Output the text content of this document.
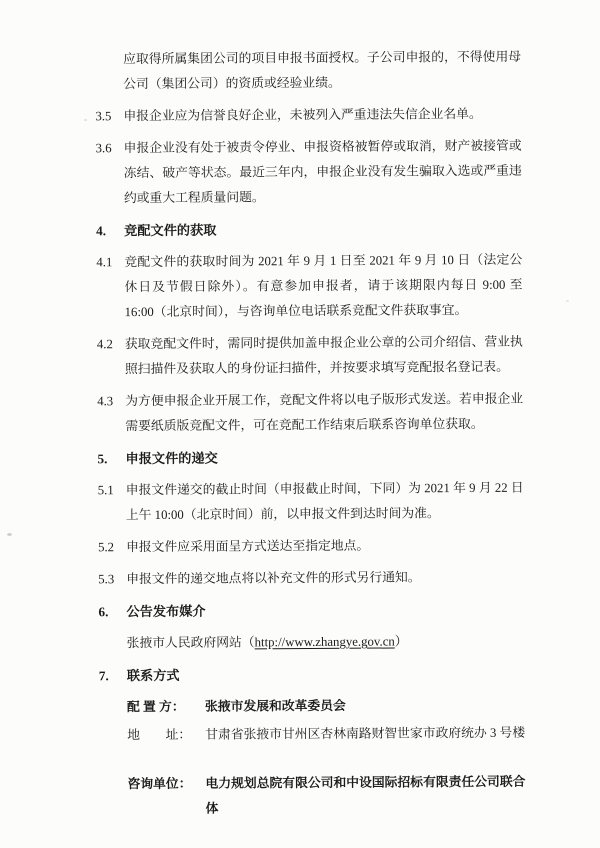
应取得所属集团公司的项目申报书面授权。子公司申报的，不得使用母公司（集团公司）的资质或经验业绩。
3.5 申报企业应为信誉良好企业，未被列入严重违法失信企业名单。
3.6 申报企业没有处于被责令停业、申报资格被暂停或取消，财产被接管或冻结、破产等状态。最近三年内，申报企业没有发生骗取入选或严重违约或重大工程质量问题。
4.	竞配文件的获取
4.1 竞配文件的获取时间为 2021 年 9 月 1 日至 2021 年 9 月 10 日（法定公休日及节假日除外）。有意参加申报者，请于该期限内每日 9:00 至 16:00（北京时间），与咨询单位电话联系竞配文件获取事宜。
4.2 获取竞配文件时，需同时提供加盖申报企业公章的公司介绍信、营业执照扫描件及获取人的身份证扫描件，并按要求填写竞配报名登记表。
4.3 为方便申报企业开展工作，竞配文件将以电子版形式发送。若申报企业需要纸质版竞配文件，可在竞配工作结束后联系咨询单位获取。
5.	申报文件的递交
5.1 申报文件递交的截止时间（申报截止时间，下同）为 2021 年 9 月 22 日上午 10:00（北京时间）前，以申报文件到达时间为准。
5.2 申报文件应采用面呈方式送达至指定地点。
5.3 申报文件的递交地点将以补充文件的形式另行通知。
6.	公告发布媒介
张掖市人民政府网站（http://www.zhangye.gov.cn）
7.	联系方式
配 置 方：	张掖市发展和改革委员会
地　　址：	甘肃省张掖市甘州区杏林南路财智世家市政府统办 3 号楼
咨询单位：	电力规划总院有限公司和中设国际招标有限责任公司联合体
